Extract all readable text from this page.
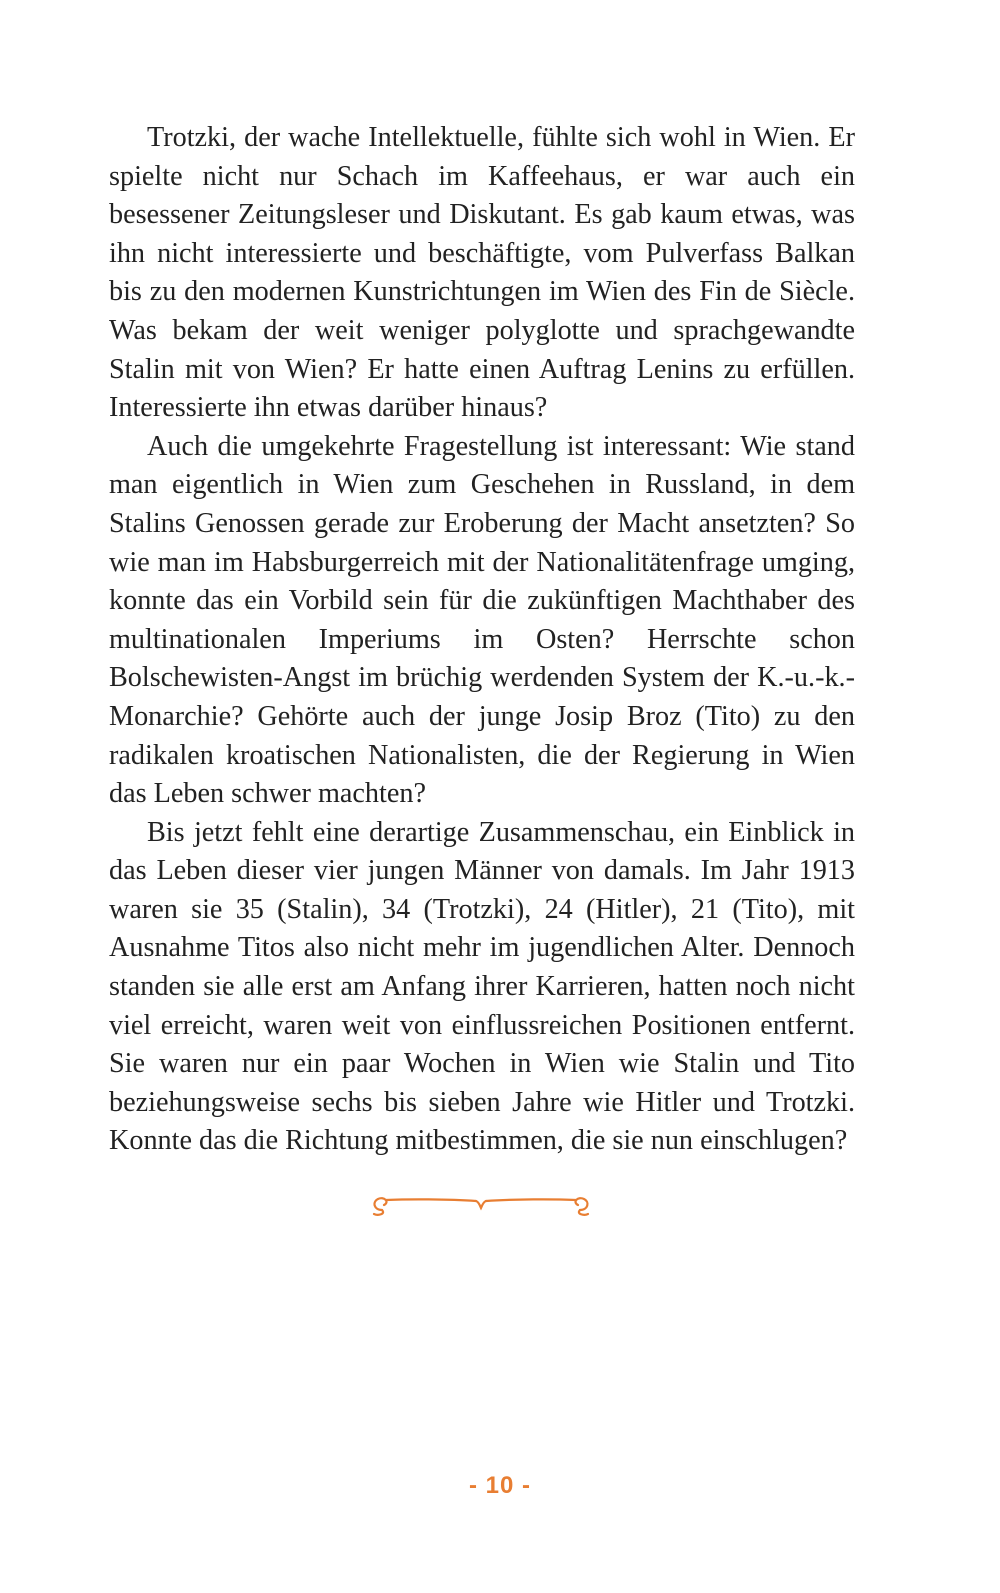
Trotzki, der wache Intellektuelle, fühlte sich wohl in Wien. Er spielte nicht nur Schach im Kaffeehaus, er war auch ein besessener Zeitungsleser und Diskutant. Es gab kaum etwas, was ihn nicht interessierte und beschäftigte, vom Pulverfass Balkan bis zu den modernen Kunstrichtungen im Wien des Fin de Siècle. Was bekam der weit weniger polyglotte und sprachgewandte Stalin mit von Wien? Er hatte einen Auftrag Lenins zu erfüllen. Interessierte ihn etwas darüber hinaus?

Auch die umgekehrte Fragestellung ist interessant: Wie stand man eigentlich in Wien zum Geschehen in Russland, in dem Stalins Genossen gerade zur Eroberung der Macht ansetzten? So wie man im Habsburgerreich mit der Nationalitätenfrage umging, konnte das ein Vorbild sein für die zukünftigen Machthaber des multinationalen Imperiums im Osten? Herrschte schon Bolschewisten-Angst im brüchig werdenden System der K.-u.-k.-Monarchie? Gehörte auch der junge Josip Broz (Tito) zu den radikalen kroatischen Nationalisten, die der Regierung in Wien das Leben schwer machten?

Bis jetzt fehlt eine derartige Zusammenschau, ein Einblick in das Leben dieser vier jungen Männer von damals. Im Jahr 1913 waren sie 35 (Stalin), 34 (Trotzki), 24 (Hitler), 21 (Tito), mit Ausnahme Titos also nicht mehr im jugendlichen Alter. Dennoch standen sie alle erst am Anfang ihrer Karrieren, hatten noch nicht viel erreicht, waren weit von einflussreichen Positionen entfernt. Sie waren nur ein paar Wochen in Wien wie Stalin und Tito beziehungsweise sechs bis sieben Jahre wie Hitler und Trotzki. Konnte das die Richtung mitbestimmen, die sie nun einschlugen?

- 10 -
